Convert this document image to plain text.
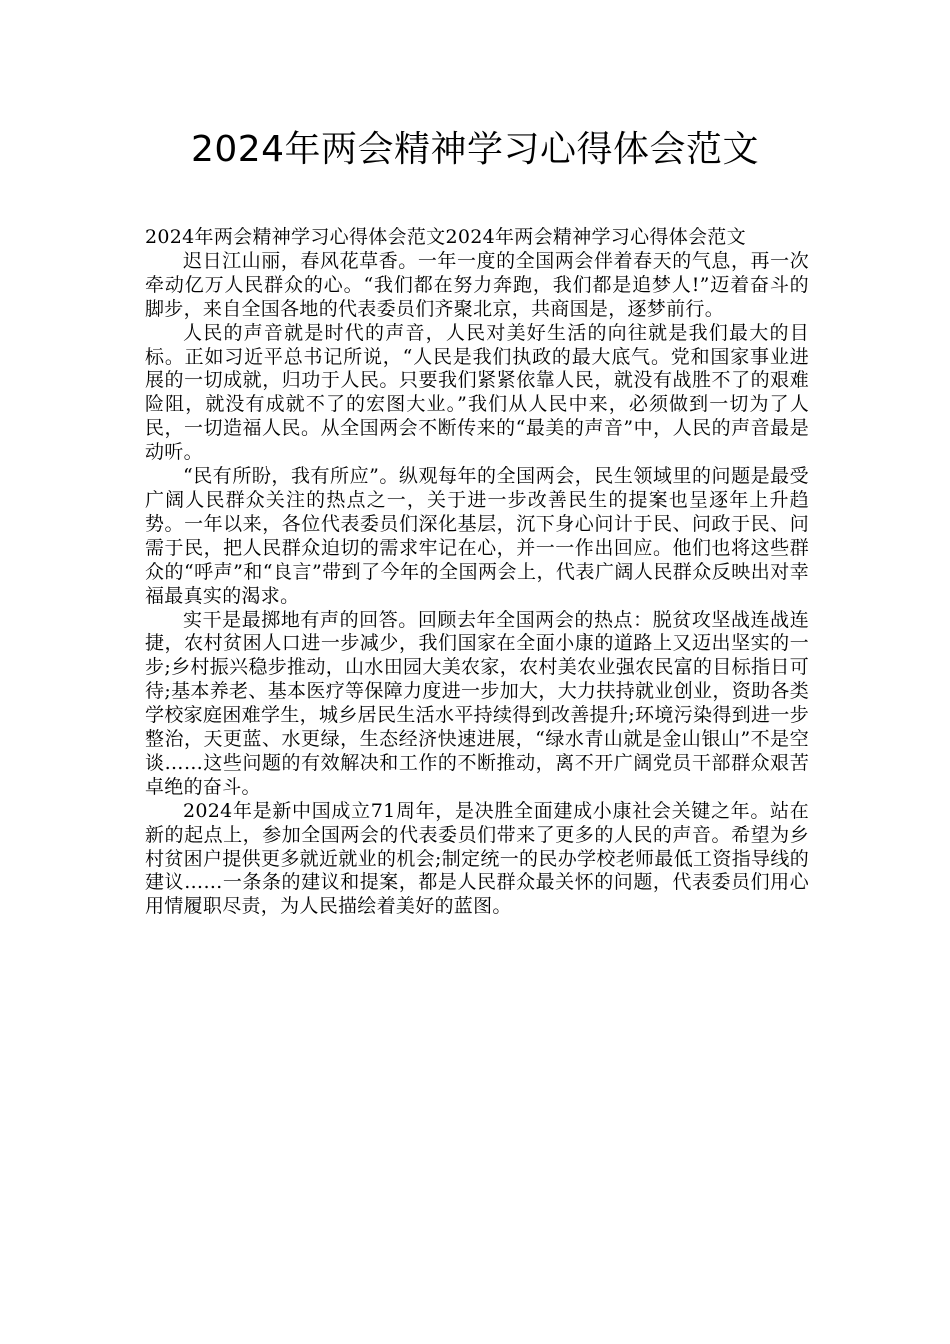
2024年两会精神学习心得体会范文

2024年两会精神学习心得体会范文2024年两会精神学习心得体会范文

迟日江山丽，春风花草香。一年一度的全国两会伴着春天的气息，再一次牵动亿万人民群众的心。“我们都在努力奔跑，我们都是追梦人!”迈着奋斗的脚步，来自全国各地的代表委员们齐聚北京，共商国是，逐梦前行。

人民的声音就是时代的声音，人民对美好生活的向往就是我们最大的目标。正如习近平总书记所说，“人民是我们执政的最大底气。党和国家事业进展的一切成就，归功于人民。只要我们紧紧依靠人民，就没有战胜不了的艰难险阻，就没有成就不了的宏图大业。”我们从人民中来，必须做到一切为了人民，一切造福人民。从全国两会不断传来的“最美的声音”中，人民的声音最是动听。

“民有所盼，我有所应”。纵观每年的全国两会，民生领域里的问题是最受广阔人民群众关注的热点之一，关于进一步改善民生的提案也呈逐年上升趋势。一年以来，各位代表委员们深化基层，沉下身心问计于民、问政于民、问需于民，把人民群众迫切的需求牢记在心，并一一作出回应。他们也将这些群众的“呼声”和“良言”带到了今年的全国两会上，代表广阔人民群众反映出对幸福最真实的渴求。

实干是最掷地有声的回答。回顾去年全国两会的热点：脱贫攻坚战连战连捷，农村贫困人口进一步减少，我们国家在全面小康的道路上又迈出坚实的一步;乡村振兴稳步推动，山水田园大美农家，农村美农业强农民富的目标指日可待;基本养老、基本医疗等保障力度进一步加大，大力扶持就业创业，资助各类学校家庭困难学生，城乡居民生活水平持续得到改善提升;环境污染得到进一步整治，天更蓝、水更绿，生态经济快速进展，“绿水青山就是金山银山”不是空谈……这些问题的有效解决和工作的不断推动，离不开广阔党员干部群众艰苦卓绝的奋斗。

2024年是新中国成立71周年，是决胜全面建成小康社会关键之年。站在新的起点上，参加全国两会的代表委员们带来了更多的人民的声音。希望为乡村贫困户提供更多就近就业的机会;制定统一的民办学校老师最低工资指导线的建议……一条条的建议和提案，都是人民群众最关怀的问题，代表委员们用心用情履职尽责，为人民描绘着美好的蓝图。
